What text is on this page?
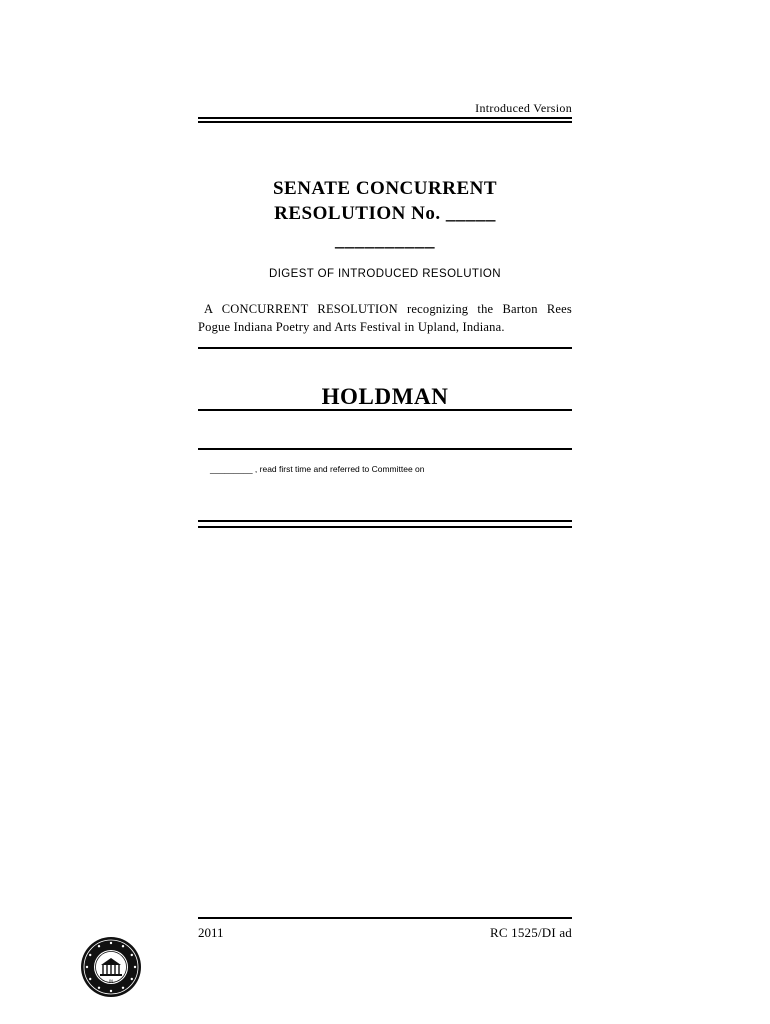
Introduced Version
SENATE CONCURRENT
RESOLUTION No. _____
__________
DIGEST OF INTRODUCED RESOLUTION
A CONCURRENT RESOLUTION recognizing the Barton Rees Pogue Indiana Poetry and Arts Festival in Upland, Indiana.
HOLDMAN
_________ , read first time and referred to Committee on
2011	RC 1525/DI ad
IN
